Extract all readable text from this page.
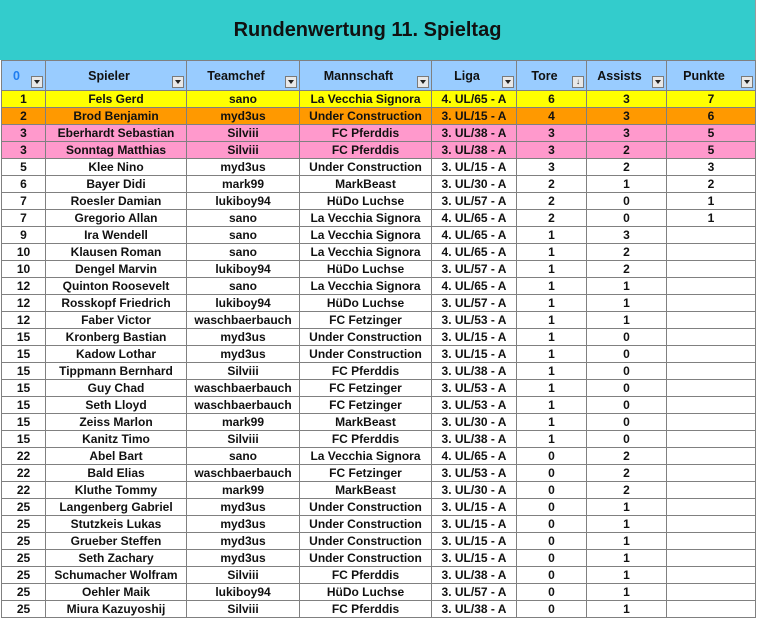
Rundenwertung 11. Spieltag
0	Spieler	Teamchef	Mannschaft	Liga	Tore ↓	Assists	Punkte

1	Fels Gerd	sano	La Vecchia Signora	4. UL/65 - A	6	3	7
2	Brod Benjamin	myd3us	Under Construction	3. UL/15 - A	4	3	6
3	Eberhardt Sebastian	Silviii	FC Pferddis	3. UL/38 - A	3	3	5
3	Sonntag Matthias	Silviii	FC Pferddis	3. UL/38 - A	3	2	5
5	Klee Nino	myd3us	Under Construction	3. UL/15 - A	3	2	3
6	Bayer Didi	mark99	MarkBeast	3. UL/30 - A	2	1	2
7	Roesler Damian	lukiboy94	HüDo Luchse	3. UL/57 - A	2	0	1
7	Gregorio Allan	sano	La Vecchia Signora	4. UL/65 - A	2	0	1
9	Ira Wendell	sano	La Vecchia Signora	4. UL/65 - A	1	3	
10	Klausen Roman	sano	La Vecchia Signora	4. UL/65 - A	1	2	
10	Dengel Marvin	lukiboy94	HüDo Luchse	3. UL/57 - A	1	2	
12	Quinton Roosevelt	sano	La Vecchia Signora	4. UL/65 - A	1	1	
12	Rosskopf Friedrich	lukiboy94	HüDo Luchse	3. UL/57 - A	1	1	
12	Faber Victor	waschbaerbauch	FC Fetzinger	3. UL/53 - A	1	1	
15	Kronberg Bastian	myd3us	Under Construction	3. UL/15 - A	1	0	
15	Kadow Lothar	myd3us	Under Construction	3. UL/15 - A	1	0	
15	Tippmann Bernhard	Silviii	FC Pferddis	3. UL/38 - A	1	0	
15	Guy Chad	waschbaerbauch	FC Fetzinger	3. UL/53 - A	1	0	
15	Seth Lloyd	waschbaerbauch	FC Fetzinger	3. UL/53 - A	1	0	
15	Zeiss Marlon	mark99	MarkBeast	3. UL/30 - A	1	0	
15	Kanitz Timo	Silviii	FC Pferddis	3. UL/38 - A	1	0	
22	Abel Bart	sano	La Vecchia Signora	4. UL/65 - A	0	2	
22	Bald Elias	waschbaerbauch	FC Fetzinger	3. UL/53 - A	0	2	
22	Kluthe Tommy	mark99	MarkBeast	3. UL/30 - A	0	2	
25	Langenberg Gabriel	myd3us	Under Construction	3. UL/15 - A	0	1	
25	Stutzkeis Lukas	myd3us	Under Construction	3. UL/15 - A	0	1	
25	Grueber Steffen	myd3us	Under Construction	3. UL/15 - A	0	1	
25	Seth Zachary	myd3us	Under Construction	3. UL/15 - A	0	1	
25	Schumacher Wolfram	Silviii	FC Pferddis	3. UL/38 - A	0	1	
25	Oehler Maik	lukiboy94	HüDo Luchse	3. UL/57 - A	0	1	
25	Miura Kazuyoshij	Silviii	FC Pferddis	3. UL/38 - A	0	1	
